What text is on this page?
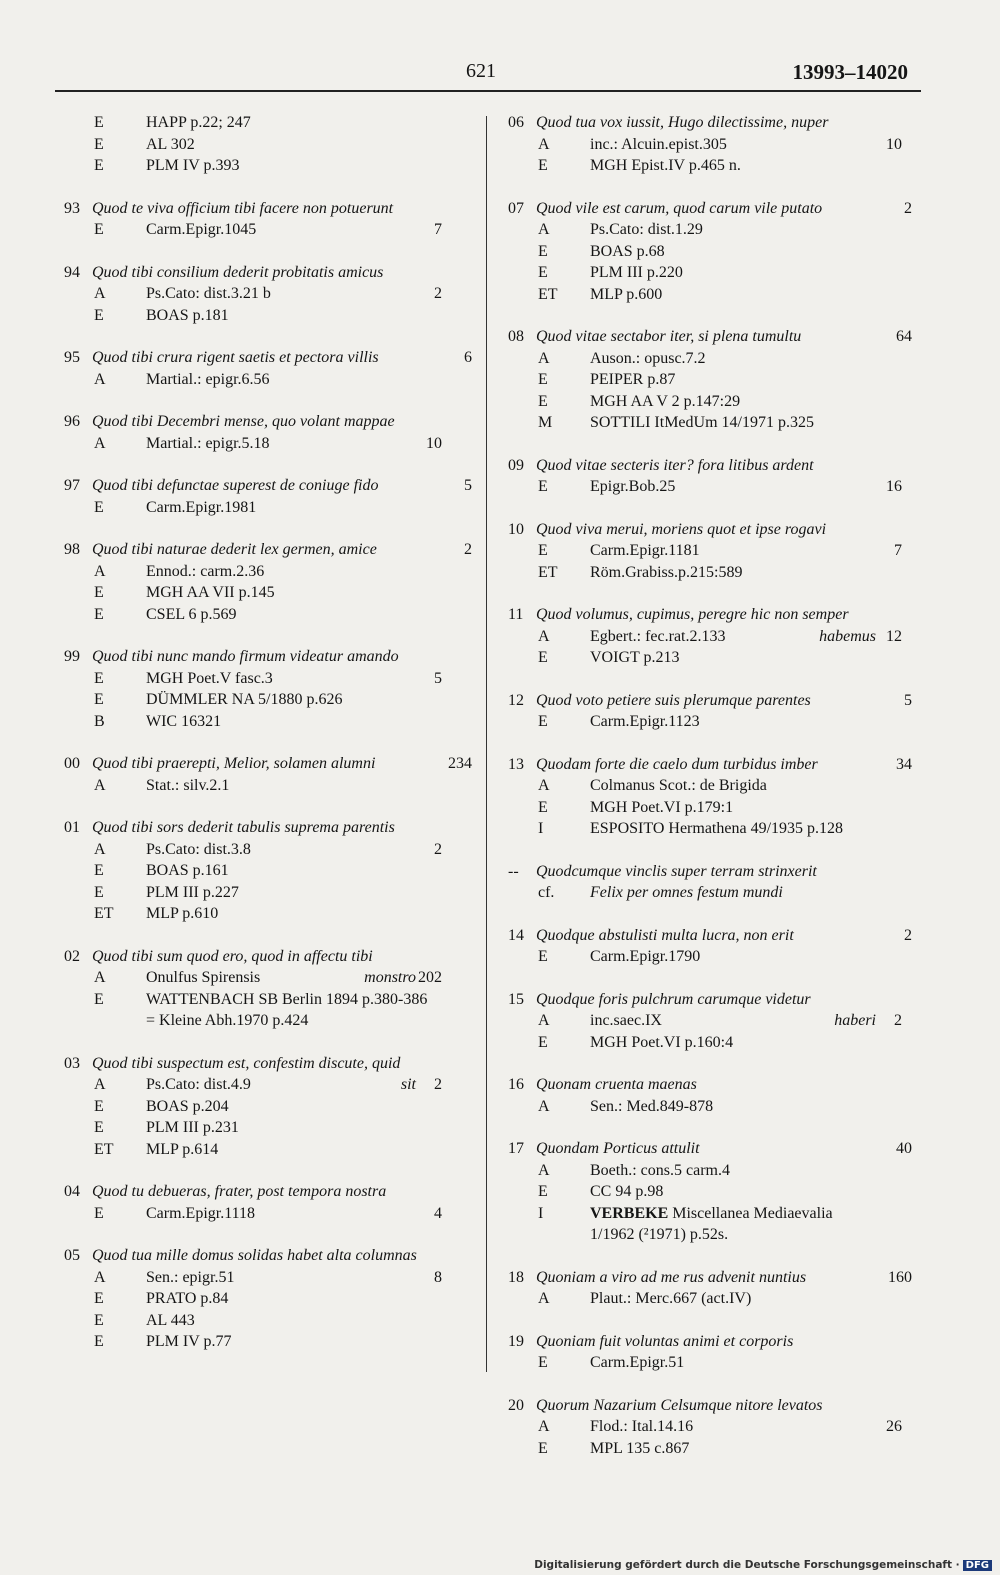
621	13993–14020
E	HAPP p.22; 247
E	AL 302
E	PLM IV p.393
93 Quod te viva officium tibi facere non potuerunt
E	Carm.Epigr.1045	7
94 Quod tibi consilium dederit probitatis amicus
A	Ps.Cato: dist.3.21 b	2
E	BOAS p.181
95 Quod tibi crura rigent saetis et pectora villis	6
A	Martial.: epigr.6.56
96 Quod tibi Decembri mense, quo volant mappae
A	Martial.: epigr.5.18	10
97 Quod tibi defunctae superest de coniuge fido	5
E	Carm.Epigr.1981
98 Quod tibi naturae dederit lex germen, amice	2
A	Ennod.: carm.2.36
E	MGH AA VII p.145
E	CSEL 6 p.569
99 Quod tibi nunc mando firmum videatur amando
E	MGH Poet.V fasc.3	5
E	DÜMMLER NA 5/1880 p.626
B	WIC 16321
00 Quod tibi praerepti, Melior, solamen alumni	234
A	Stat.: silv.2.1
01 Quod tibi sors dederit tabulis suprema parentis
A	Ps.Cato: dist.3.8	2
E	BOAS p.161
E	PLM III p.227
ET MLP p.610
02 Quod tibi sum quod ero, quod in affectu tibi
A	Onulfus Spirensis	monstro 202
E	WATTENBACH SB Berlin 1894 p.380-386
= Kleine Abh.1970 p.424
03 Quod tibi suspectum est, confestim discute, quid
A	Ps.Cato: dist.4.9	sit 2
E	BOAS p.204
E	PLM III p.231
ET MLP p.614
04 Quod tu debueras, frater, post tempora nostra
E	Carm.Epigr.1118	4
05 Quod tua mille domus solidas habet alta columnas
A	Sen.: epigr.51	8
E	PRATO p.84
E	AL 443
E	PLM IV p.77
06 Quod tua vox iussit, Hugo dilectissime, nuper
A	inc.: Alcuin.epist.305	10
E	MGH Epist.IV p.465 n.
07 Quod vile est carum, quod carum vile putato	2
A	Ps.Cato: dist.1.29
E	BOAS p.68
E	PLM III p.220
ET MLP p.600
08 Quod vitae sectabor iter, si plena tumultu	64
A	Auson.: opusc.7.2
E	PEIPER p.87
E	MGH AA V 2 p.147:29
M SOTTILI ItMedUm 14/1971 p.325
09 Quod vitae secteris iter? fora litibus ardent
E	Epigr.Bob.25	16
10 Quod viva merui, moriens quot et ipse rogavi
E	Carm.Epigr.1181	7
ET Röm.Grabiss.p.215:589
11 Quod volumus, cupimus, peregre hic non semper
A	Egbert.: fec.rat.2.133	habemus 12
E	VOIGT p.213
12 Quod voto petiere suis plerumque parentes	5
E	Carm.Epigr.1123
13 Quodam forte die caelo dum turbidus imber	34
A	Colmanus Scot.: de Brigida
E	MGH Poet.VI p.179:1
I	ESPOSITO Hermathena 49/1935 p.128
-- Quodcumque vinclis super terram strinxerit
cf. Felix per omnes festum mundi
14 Quodque abstulisti multa lucra, non erit	2
E	Carm.Epigr.1790
15 Quodque foris pulchrum carumque videtur
A	inc.saec.IX	haberi 2
E	MGH Poet.VI p.160:4
16 Quonam cruenta maenas
A	Sen.: Med.849-878
17 Quondam Porticus attulit	40
A	Boeth.: cons.5 carm.4
E	CC 94 p.98
I	VERBEKE Miscellanea Mediaevalia
1/1962 (²1971) p.52s.
18 Quoniam a viro ad me rus advenit nuntius	160
A	Plaut.: Merc.667 (act.IV)
19 Quoniam fuit voluntas animi et corporis
E	Carm.Epigr.51
20 Quorum Nazarium Celsumque nitore levatos
A	Flod.: Ital.14.16	26
E	MPL 135 c.867
Digitalisierung gefördert durch die Deutsche Forschungsgemeinschaft · DFG
